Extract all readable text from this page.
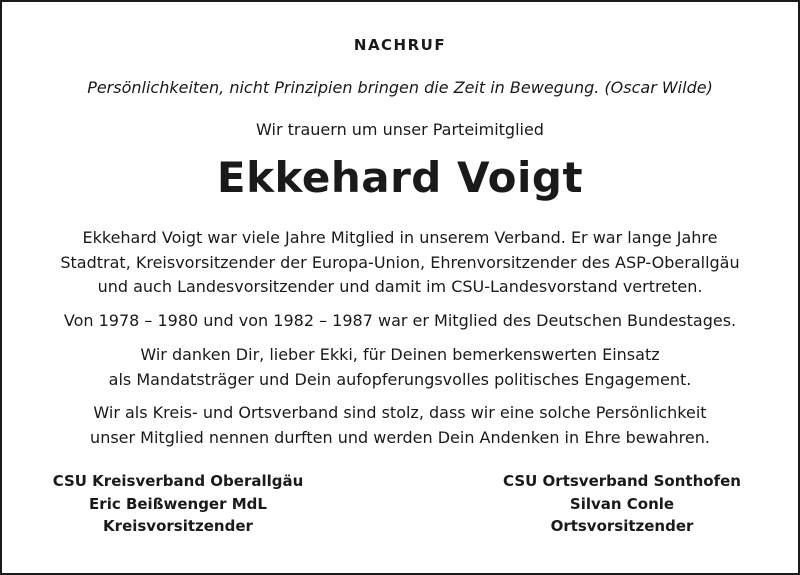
NACHRUF
Persönlichkeiten, nicht Prinzipien bringen die Zeit in Bewegung. (Oscar Wilde)
Wir trauern um unser Parteimitglied
Ekkehard Voigt
Ekkehard Voigt war viele Jahre Mitglied in unserem Verband. Er war lange Jahre
Stadtrat, Kreisvorsitzender der Europa-Union, Ehrenvorsitzender des ASP-Oberallgäu
und auch Landesvorsitzender und damit im CSU-Landesvorstand vertreten.
Von 1978 – 1980 und von 1982 – 1987 war er Mitglied des Deutschen Bundestages.
Wir danken Dir, lieber Ekki, für Deinen bemerkenswerten Einsatz
als Mandatsträger und Dein aufopferungsvolles politisches Engagement.
Wir als Kreis- und Ortsverband sind stolz, dass wir eine solche Persönlichkeit
unser Mitglied nennen durften und werden Dein Andenken in Ehre bewahren.
CSU Kreisverband Oberallgäu
Eric Beißwenger MdL
Kreisvorsitzender
CSU Ortsverband Sonthofen
Silvan Conle
Ortsvorsitzender
